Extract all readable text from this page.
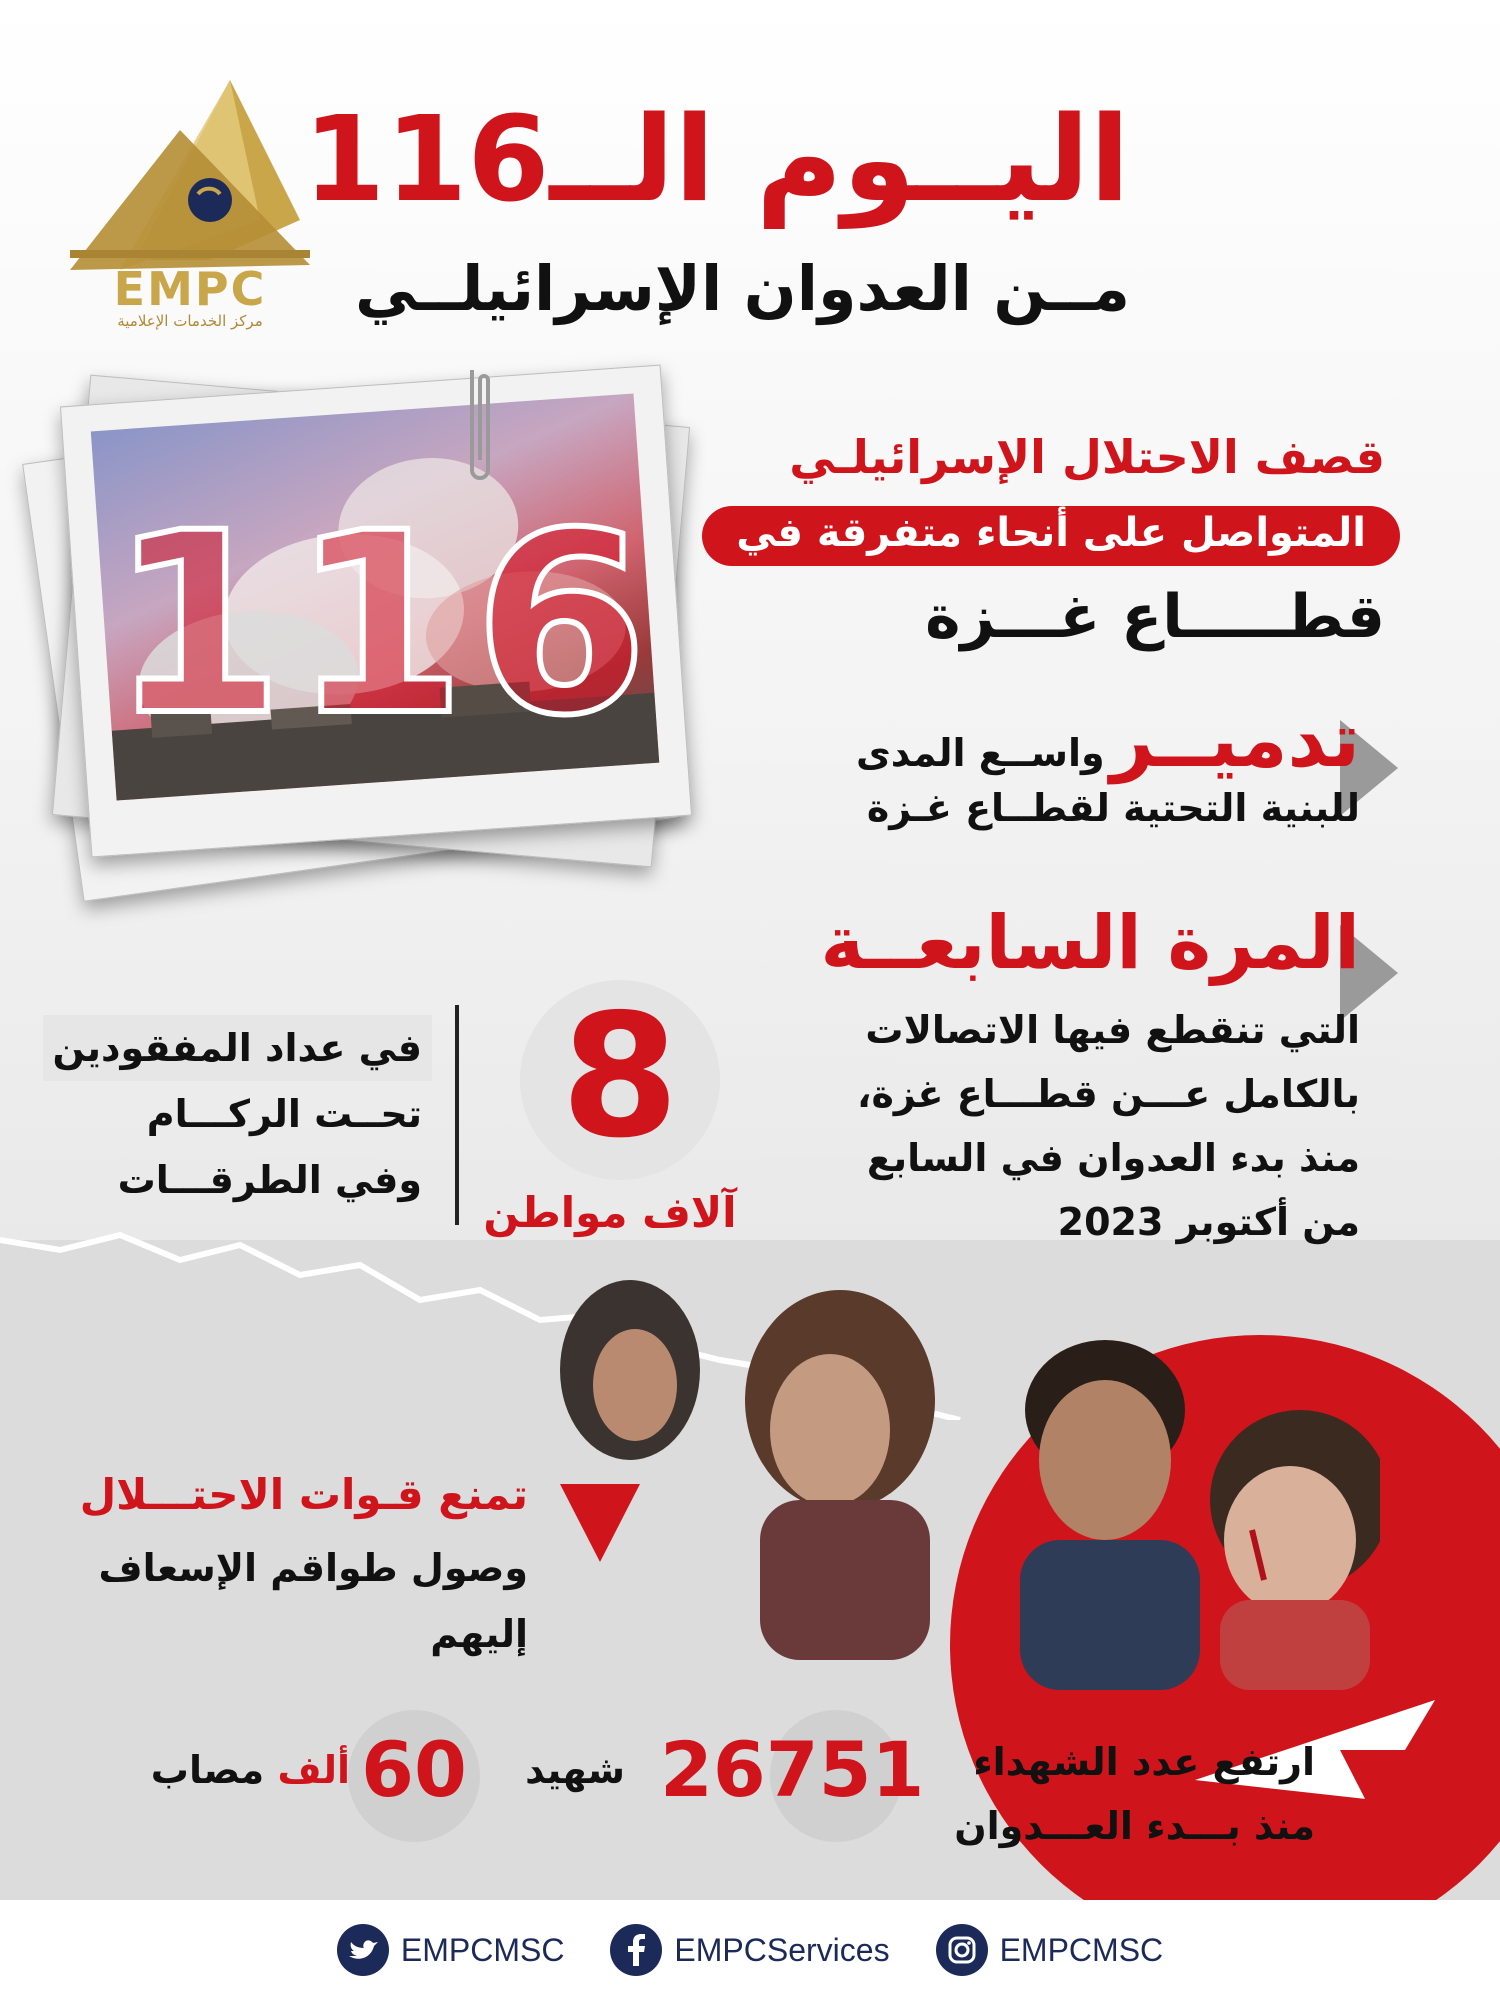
EMPC
مركز الخدمات الإعلامية
اليــوم الــ116
مــن العدوان الإسرائيلــي
116
قصف الاحتلال الإسرائيلـي
المتواصل على أنحاء متفرقة في
قطـــــاع غـــزة
تدميــر واســع المدى
للبنية التحتية لقطــاع غـزة
المرة السابعــة
التي تنقطع فيها الاتصالات
بالكامل عـــن قطـــاع غزة،
منذ بدء العدوان في السابع
من أكتوبر 2023
8
آلاف مواطن
في عداد المفقودين
تحــت الركـــام
وفي الطرقـــات
تمنع قـوات الاحتـــلال
وصول طواقم الإسعاف
إليهم
ارتفع عدد الشهداء
منذ بـــدء العـــدوان
26751
شهيد
60
ألف مصاب
EMPCMSC	EMPCServices	EMPCMSC
